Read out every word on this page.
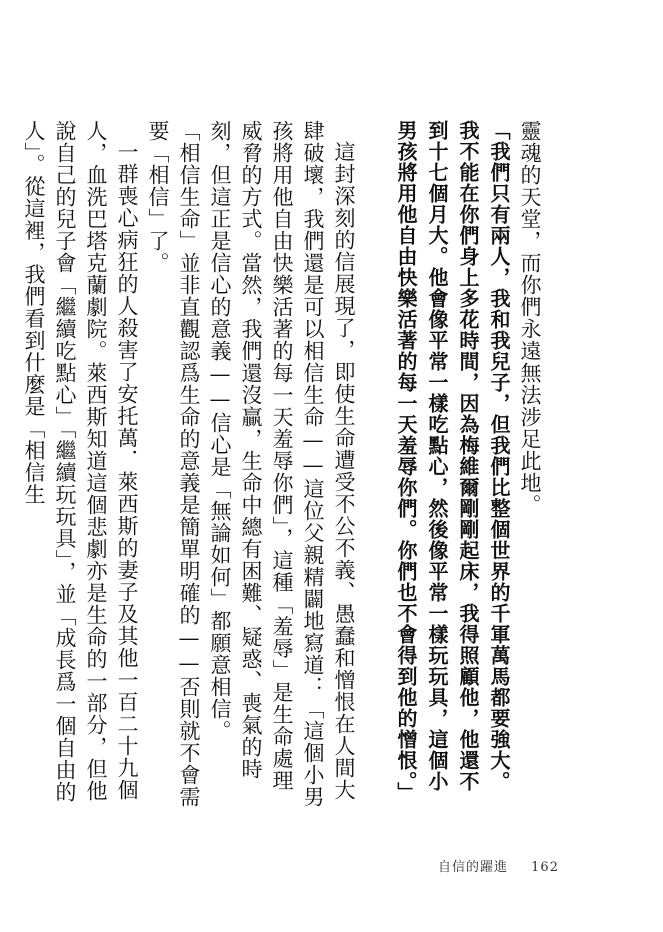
靈魂的天堂，而你們永遠無法涉足此地。

「我們只有兩人，我和我兒子，但我們比整個世界的千軍萬馬都要強大。我不能在你們身上多花時間，因為梅維爾剛剛起床，我得照顧他，他還不到十七個月大。他會像平常一樣吃點心，然後像平常一樣玩玩具，這個小男孩將用他自由快樂活著的每一天羞辱你們。你們也不會得到他的憎恨。」

這封深刻的信展現了，即使生命遭受不公不義、愚蠢和憎恨在人間大肆破壞，我們還是可以相信生命——這位父親精闢地寫道：「這個小男孩將用他自由快樂活著的每一天羞辱你們」，這種「羞辱」是生命處理威脅的方式。當然，我們還沒贏，生命中總有困難、疑惑、喪氣的時刻，但這正是信心的意義——信心是「無論如何」都願意相信。

「相信生命」並非直觀認爲生命的意義是簡單明確的——否則就不會需要「相信」了。

一群喪心病狂的人殺害了安托萬．萊西斯的妻子及其他一百二十九個人，血洗巴塔克蘭劇院。萊西斯知道這個悲劇亦是生命的一部分，但他說自己的兒子會「繼續吃點心」「繼續玩玩具」，並「成長爲一個自由的人」。從這裡，我們看到什麼是「相信生

自信的躍進 162
